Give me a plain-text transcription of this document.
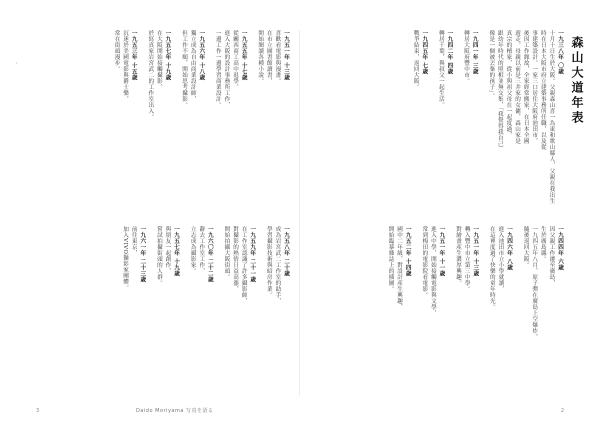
’	一九五一年 十三歳
喜歡看電影與漫畫。
在市立圖書館讀書，
開始閱讀各種小說。
一九五五年 十七歳
從關西商工高中退學，
進入大阪的設計事務所工作，
一邊工作一邊學習商業設計。
一九五六年 十八歳
獨立成為自由商業設計師，
但工作不順，開始思考攝影。
一九五七年 十九歳
在大阪開始接觸攝影，
於寫真家岩宮武二的工作室出入。
一九五三年 十五歳
沉迷於美國電影與爵士樂，
常在街頭漫步。
一九五八年 二十歳
成為岩宮武二工作室的助手，
學習攝影技術與暗房作業。
一九五九年 二十一歳
在工作室認識了許多攝影師，
對攝影的熱情日益高漲，
開始拍攝大阪街頭。
一九六〇年 二十二歳
辭去工作室工作，
立志成為攝影家。
一九五七年 十九歳
與朋友一起創作，
嘗試拍攝街頭的人群。
一九六一年 二十三歳
前往東京，
加入VIVO攝影家團體。
3	Daido Moriyama 写真を語る
森山大道年表
一九三八年 〇歳
十月十日生於大阪。父親森山喜一為東和歌山縣人，父親在我出生
時在日本大阪市府立建築事務所任職，以及從
事建築設計。一家三口居住大阪府池田市，
後因工作緣故，全家經常搬家，在日本全國
遊走。母親以前是三井家的女傭，森山家是
真宗的檀家，從小與祖父母在一起度過，
跟幼年時代的照相並無交集，「我覺得我自己
像是一個被丟棄的孩子」。
一九四一年 三歳
轉居大阪府豐中市。
一九四二年 四歳
轉居千葉，與叔父一起生活。
一九四五年 七歳
戰爭結束，返回大阪。
一九四四年 六歳
因父親工作遷至廣島，
生於廣島縣。
一九四五年八月，原子彈在廣島上空爆炸，
隨後返回大阪。
一九四六年 八歳
進入池田市立小學就讀，
在這裡度過了快樂的童年時光。
一九五一年 十三歳
轉入豐中市立第三中學。
對繪畫產生濃厚興趣。
一九五一年 十一歳
進入中學，開始接觸電影與文學，
常到梅田的電影院看電影。
一九五二年 十四歳
國中二年級，對設計產生興趣，
開始臨摹雜誌上的插圖。
2
